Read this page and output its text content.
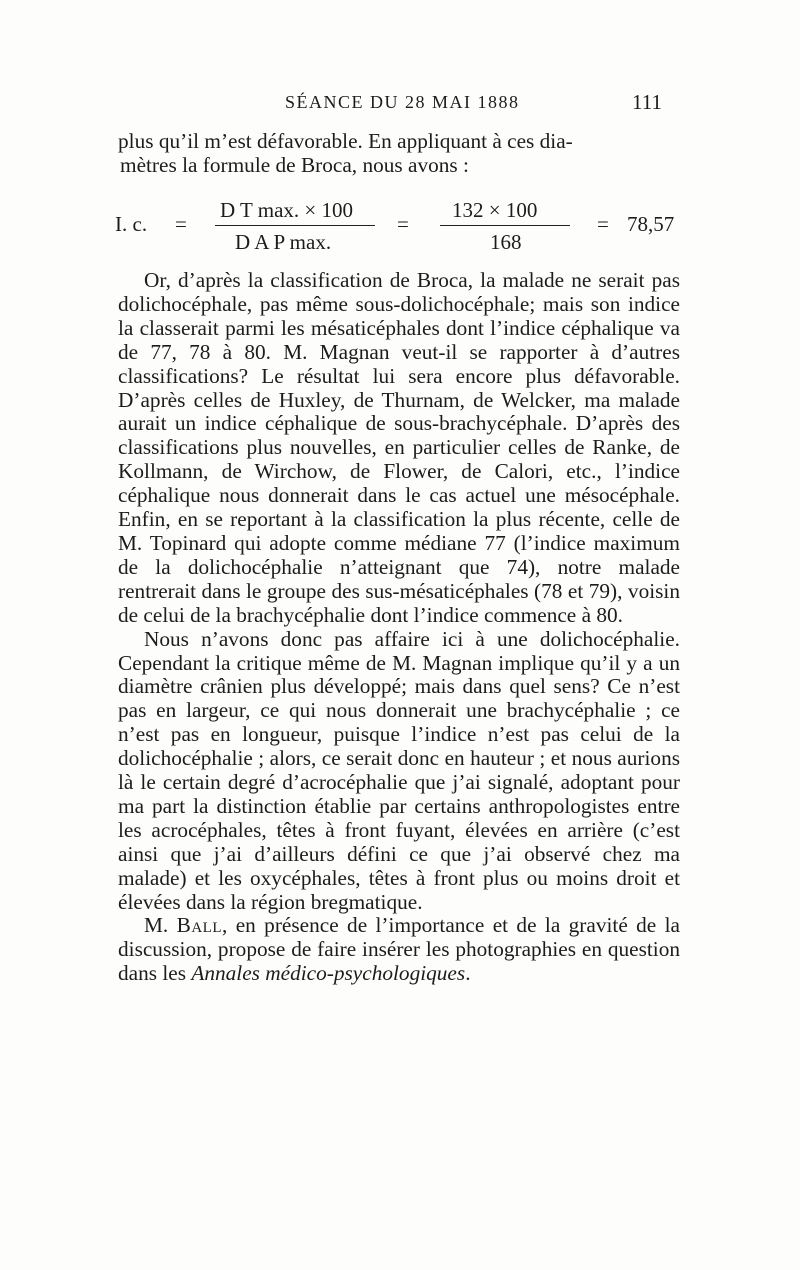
SÉANCE DU 28 MAI 1888	111

plus qu’il m’est défavorable. En appliquant à ces dia-

mètres la formule de Broca, nous avons :

I. c. =
D T max. × 100
D A P max.
=
132 × 100
168
= 78,57

Or, d’après la classification de Broca, la malade ne serait pas dolichocéphale, pas même sous-dolichocéphale; mais son indice la classerait parmi les mésaticéphales dont l’indice céphalique va de 77, 78 à 80. M. Magnan veut-il se rapporter à d’autres classifications? Le résultat lui sera encore plus défavorable. D’après celles de Huxley, de Thurnam, de Welcker, ma malade aurait un indice céphalique de sous-brachycéphale. D’après des classifications plus nouvelles, en particulier celles de Ranke, de Kollmann, de Wirchow, de Flower, de Calori, etc., l’indice céphalique nous donnerait dans le cas actuel une mésocéphale. Enfin, en se reportant à la classification la plus récente, celle de M. Topinard qui adopte comme médiane 77 (l’indice maximum de la dolichocéphalie n’atteignant que 74), notre malade rentrerait dans le groupe des sus-mésaticéphales (78 et 79), voisin de celui de la brachycéphalie dont l’indice commence à 80.

Nous n’avons donc pas affaire ici à une dolichocéphalie. Cependant la critique même de M. Magnan implique qu’il y a un diamètre crânien plus développé; mais dans quel sens? Ce n’est pas en largeur, ce qui nous donnerait une brachycéphalie ; ce n’est pas en longueur, puisque l’indice n’est pas celui de la dolichocéphalie ; alors, ce serait donc en hauteur ; et nous aurions là le certain degré d’acrocéphalie que j’ai signalé, adoptant pour ma part la distinction établie par certains anthropologistes entre les acrocéphales, têtes à front fuyant, élevées en arrière (c’est ainsi que j’ai d’ailleurs défini ce que j’ai observé chez ma malade) et les oxycéphales, têtes à front plus ou moins droit et élevées dans la région bregmatique.

M. Ball, en présence de l’importance et de la gravité de la discussion, propose de faire insérer les photographies en question dans les Annales médico-psychologiques.
